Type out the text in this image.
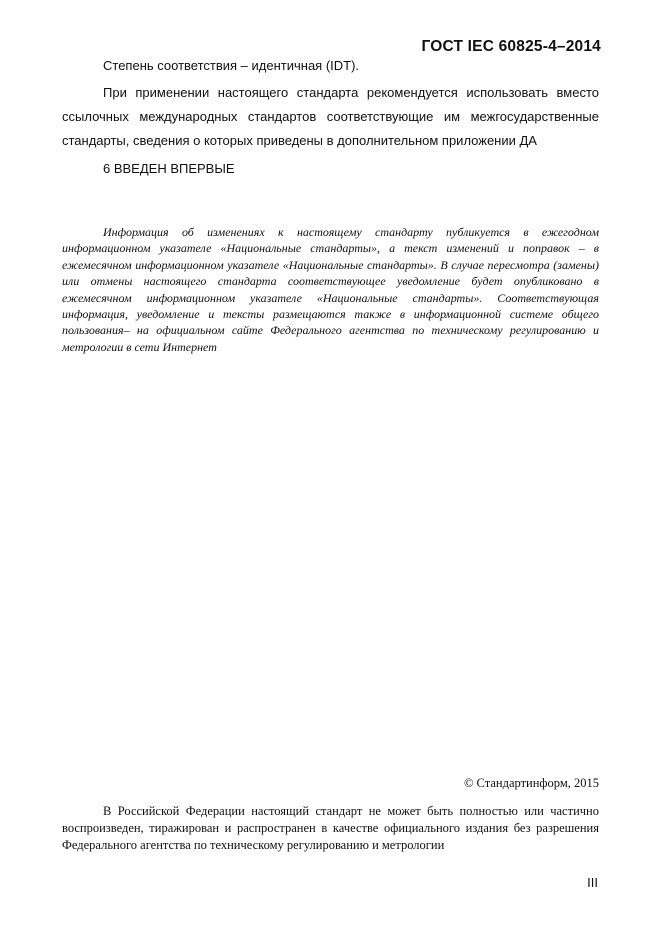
ГОСТ IEC 60825-4–2014
Степень соответствия – идентичная (IDT).

При применении настоящего стандарта рекомендуется использовать вместо ссылочных международных стандартов соответствующие им межгосударственные стандарты, сведения о которых приведены в дополнительном приложении ДА

6 ВВЕДЕН ВПЕРВЫЕ

Информация об изменениях к настоящему стандарту публикуется в ежегодном информационном указателе «Национальные стандарты», а текст изменений и поправок – в ежемесячном информационном указателе «Национальные стандарты». В случае пересмотра (замены) или отмены настоящего стандарта соответствующее уведомление будет опубликовано в ежемесячном информационном указателе «Национальные стандарты». Соответствующая информация, уведомление и тексты размещаются также в информационной системе общего пользования– на официальном сайте Федерального агентства по техническому регулированию и метрологии в сети Интернет

© Стандартинформ, 2015

В Российской Федерации настоящий стандарт не может быть полностью или частично воспроизведен, тиражирован и распространен в качестве официального издания без разрешения Федерального агентства по техническому регулированию и метрологии

III
